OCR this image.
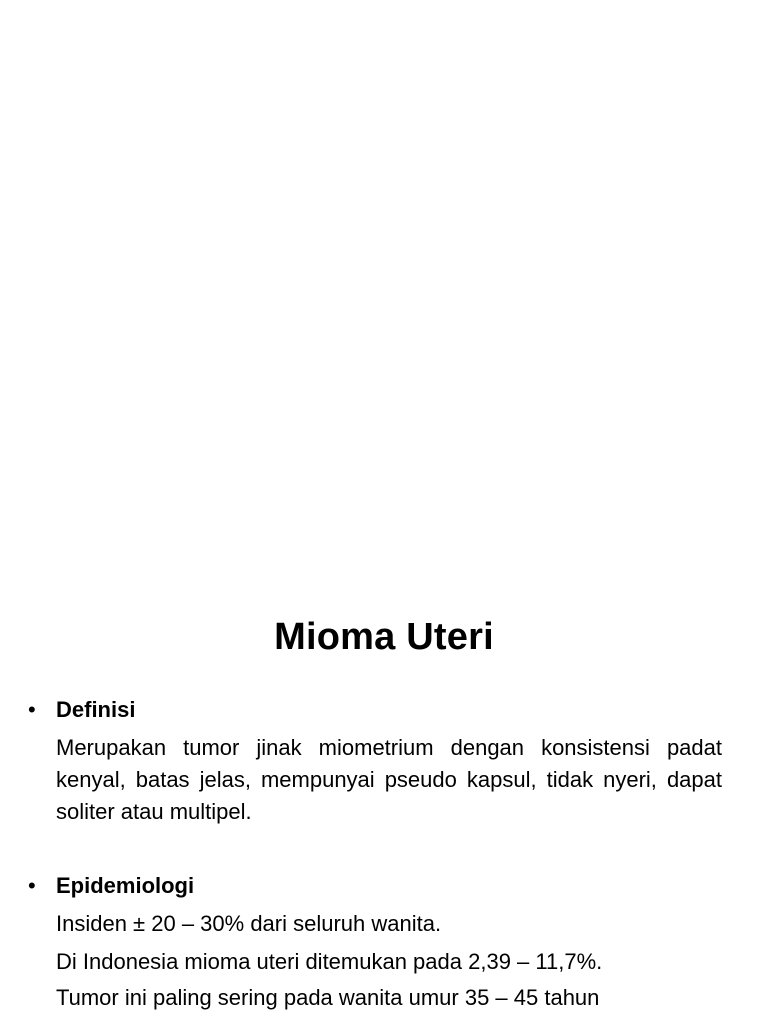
Mioma Uteri
• Definisi
Merupakan tumor jinak miometrium dengan konsistensi padat kenyal, batas jelas, mempunyai pseudo kapsul, tidak nyeri, dapat soliter atau multipel.
• Epidemiologi
Insiden ± 20 – 30% dari seluruh wanita.
Di Indonesia mioma uteri ditemukan pada 2,39 – 11,7%.
Tumor ini paling sering pada wanita umur 35 – 45 tahun
